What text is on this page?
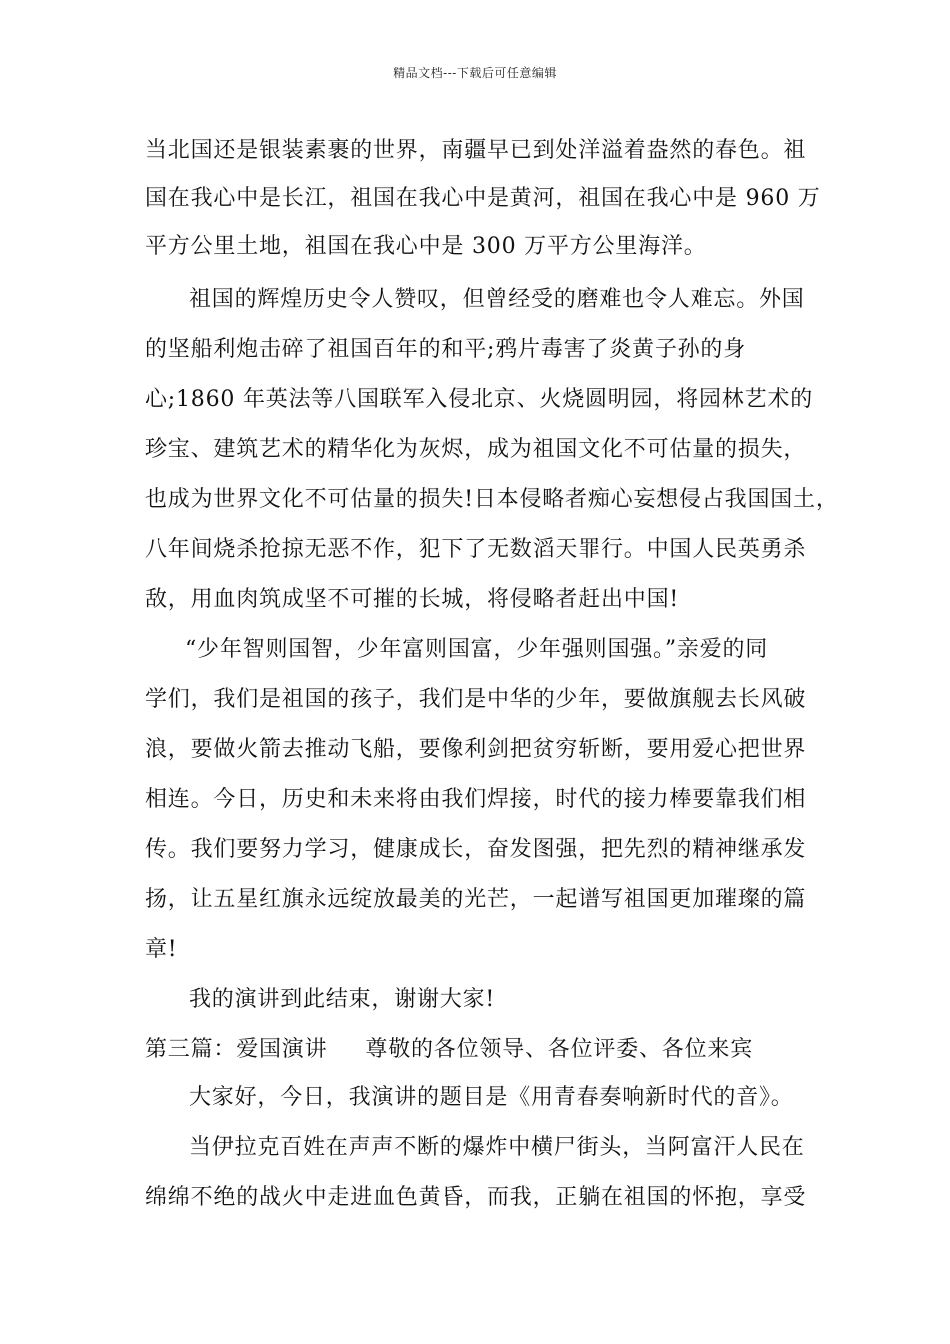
精品文档---下载后可任意编辑
当北国还是银装素裹的世界，南疆早已到处洋溢着盎然的春色。祖
国在我心中是长江，祖国在我心中是黄河，祖国在我心中是 960 万
平方公里土地，祖国在我心中是 300 万平方公里海洋。
祖国的辉煌历史令人赞叹，但曾经受的磨难也令人难忘。外国
的坚船利炮击碎了祖国百年的和平;鸦片毒害了炎黄子孙的身
心;1860 年英法等八国联军入侵北京、火烧圆明园，将园林艺术的
珍宝、建筑艺术的精华化为灰烬，成为祖国文化不可估量的损失，
也成为世界文化不可估量的损失!日本侵略者痴心妄想侵占我国国土，
八年间烧杀抢掠无恶不作，犯下了无数滔天罪行。中国人民英勇杀
敌，用血肉筑成坚不可摧的长城，将侵略者赶出中国!
“少年智则国智，少年富则国富，少年强则国强。”亲爱的同
学们，我们是祖国的孩子，我们是中华的少年，要做旗舰去长风破
浪，要做火箭去推动飞船，要像利剑把贫穷斩断，要用爱心把世界
相连。今日，历史和未来将由我们焊接，时代的接力棒要靠我们相
传。我们要努力学习，健康成长，奋发图强，把先烈的精神继承发
扬，让五星红旗永远绽放最美的光芒，一起谱写祖国更加璀璨的篇
章!
我的演讲到此结束，谢谢大家!
第三篇：爱国演讲 尊敬的各位领导、各位评委、各位来宾
大家好，今日，我演讲的题目是《用青春奏响新时代的音》。
当伊拉克百姓在声声不断的爆炸中横尸街头，当阿富汗人民在
绵绵不绝的战火中走进血色黄昏，而我，正躺在祖国的怀抱，享受
